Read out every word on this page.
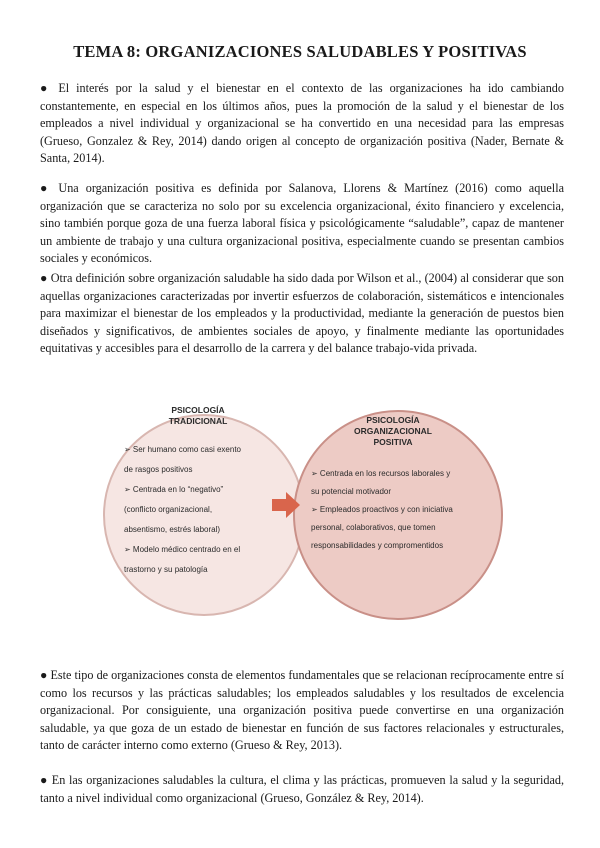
TEMA 8: ORGANIZACIONES SALUDABLES Y POSITIVAS
● El interés por la salud y el bienestar en el contexto de las organizaciones ha ido cambiando constantemente, en especial en los últimos años, pues la promoción de la salud y el bienestar de los empleados a nivel individual y organizacional se ha convertido en una necesidad para las empresas (Grueso, Gonzalez & Rey, 2014) dando origen al concepto de organización positiva (Nader, Bernate & Santa, 2014).
● Una organización positiva es definida por Salanova, Llorens & Martínez (2016) como aquella organización que se caracteriza no solo por su excelencia organizacional, éxito financiero y excelencia, sino también porque goza de una fuerza laboral física y psicológicamente “saludable”, capaz de mantener un ambiente de trabajo y una cultura organizacional positiva, especialmente cuando se presentan cambios sociales y económicos.
● Otra definición sobre organización saludable ha sido dada por Wilson et al., (2004) al considerar que son aquellas organizaciones caracterizadas por invertir esfuerzos de colaboración, sistemáticos e intencionales para maximizar el bienestar de los empleados y la productividad, mediante la generación de puestos bien diseñados y significativos, de ambientes sociales de apoyo, y finalmente mediante las oportunidades equitativas y accesibles para el desarrollo de la carrera y del balance trabajo-vida privada.
PSICOLOGÍA
TRADICIONAL
➢ Ser humano como casi exento
de rasgos positivos
➢ Centrada en lo “negativo”
(conflicto organizacional,
absentismo, estrés laboral)
➢ Modelo médico centrado en el
trastorno y su patología
PSICOLOGÍA
ORGANIZACIONAL
POSITIVA
➢ Centrada en los recursos laborales y
su potencial motivador
➢ Empleados proactivos y con iniciativa
personal, colaborativos, que tomen
responsabilidades y compromentidos
● Este tipo de organizaciones consta de elementos fundamentales que se relacionan recíprocamente entre sí como los recursos y las prácticas saludables; los empleados saludables y los resultados de excelencia organizacional. Por consiguiente, una organización positiva puede convertirse en una organización saludable, ya que goza de un estado de bienestar en función de sus factores relacionales y estructurales, tanto de carácter interno como externo (Grueso & Rey, 2013).
● En las organizaciones saludables la cultura, el clima y las prácticas, promueven la salud y la seguridad, tanto a nivel individual como organizacional (Grueso, González & Rey, 2014).
